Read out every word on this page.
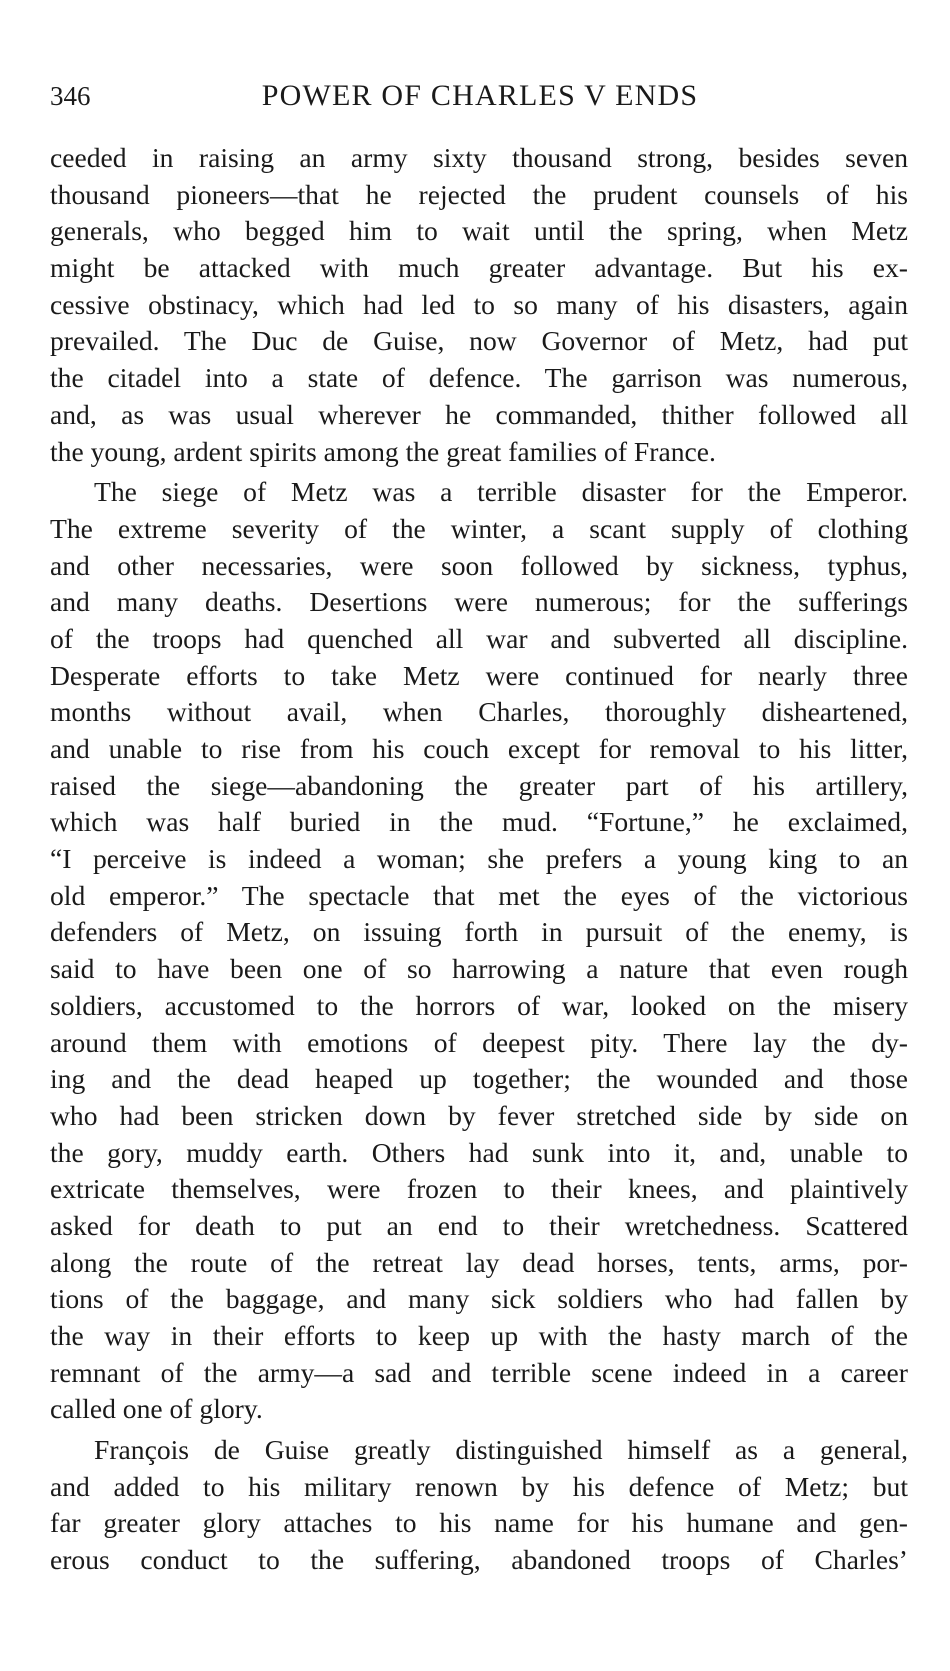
346	POWER OF CHARLES V ENDS
ceeded in raising an army sixty thousand strong, besides seven
thousand pioneers—that he rejected the prudent counsels of his
generals, who begged him to wait until the spring, when Metz
might be attacked with much greater advantage. But his ex-
cessive obstinacy, which had led to so many of his disasters, again
prevailed. The Duc de Guise, now Governor of Metz, had put
the citadel into a state of defence. The garrison was numerous,
and, as was usual wherever he commanded, thither followed all
the young, ardent spirits among the great families of France.
The siege of Metz was a terrible disaster for the Emperor.
The extreme severity of the winter, a scant supply of clothing
and other necessaries, were soon followed by sickness, typhus,
and many deaths. Desertions were numerous; for the sufferings
of the troops had quenched all war and subverted all discipline.
Desperate efforts to take Metz were continued for nearly three
months without avail, when Charles, thoroughly disheartened,
and unable to rise from his couch except for removal to his litter,
raised the siege—abandoning the greater part of his artillery,
which was half buried in the mud. “Fortune,” he exclaimed,
“I perceive is indeed a woman; she prefers a young king to an
old emperor.” The spectacle that met the eyes of the victorious
defenders of Metz, on issuing forth in pursuit of the enemy, is
said to have been one of so harrowing a nature that even rough
soldiers, accustomed to the horrors of war, looked on the misery
around them with emotions of deepest pity. There lay the dy-
ing and the dead heaped up together; the wounded and those
who had been stricken down by fever stretched side by side on
the gory, muddy earth. Others had sunk into it, and, unable to
extricate themselves, were frozen to their knees, and plaintively
asked for death to put an end to their wretchedness. Scattered
along the route of the retreat lay dead horses, tents, arms, por-
tions of the baggage, and many sick soldiers who had fallen by
the way in their efforts to keep up with the hasty march of the
remnant of the army—a sad and terrible scene indeed in a career
called one of glory.
François de Guise greatly distinguished himself as a general,
and added to his military renown by his defence of Metz; but
far greater glory attaches to his name for his humane and gen-
erous conduct to the suffering, abandoned troops of Charles’
